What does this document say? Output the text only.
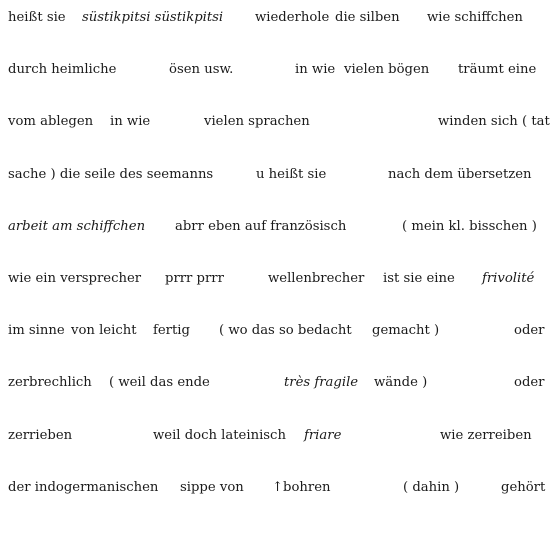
heißt sie süstikpitsi süstikpitsi wiederhole die silben wie schiffchen
durch heimliche	ösen usw.	in wie vielen bögen träumt eine
vom ablegen in wie	vielen sprachen	winden sich ( tat
sache ) die seile des seemanns	u heißt sie	nach dem übersetzen
arbeit am schiffchen abrr eben auf französisch	( mein kl. bisschen )
wie ein versprecher prrr prrr	wellenbrecher ist sie eine frivolité
im sinne von leicht fertig ( wo das so bedacht gemacht )	oder
zerbrechlich ( weil das ende	très fragile wände )	oder
zerrieben	weil doch lateinisch friare	wie zerreiben
der indogermanischen sippe von ↑bohren	( dahin )	gehört
